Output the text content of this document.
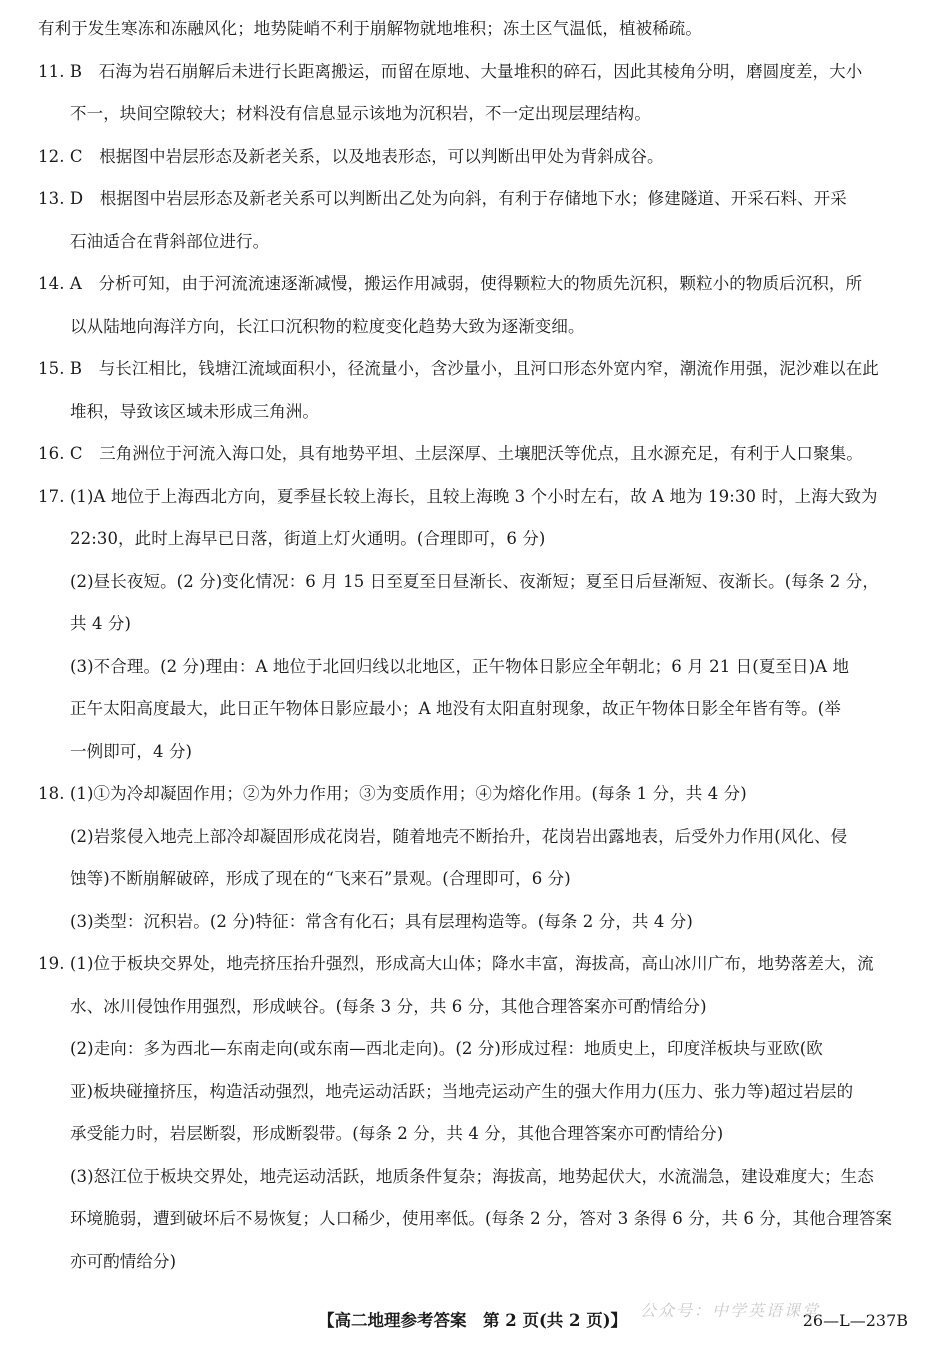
有利于发生寒冻和冻融风化；地势陡峭不利于崩解物就地堆积；冻土区气温低，植被稀疏。
11. B　石海为岩石崩解后未进行长距离搬运，而留在原地、大量堆积的碎石，因此其棱角分明，磨圆度差，大小
不一，块间空隙较大；材料没有信息显示该地为沉积岩，不一定出现层理结构。
12. C　根据图中岩层形态及新老关系，以及地表形态，可以判断出甲处为背斜成谷。
13. D　根据图中岩层形态及新老关系可以判断出乙处为向斜，有利于存储地下水；修建隧道、开采石料、开采
石油适合在背斜部位进行。
14. A　分析可知，由于河流流速逐渐减慢，搬运作用减弱，使得颗粒大的物质先沉积，颗粒小的物质后沉积，所
以从陆地向海洋方向，长江口沉积物的粒度变化趋势大致为逐渐变细。
15. B　与长江相比，钱塘江流域面积小，径流量小，含沙量小，且河口形态外宽内窄，潮流作用强，泥沙难以在此
堆积，导致该区域未形成三角洲。
16. C　三角洲位于河流入海口处，具有地势平坦、土层深厚、土壤肥沃等优点，且水源充足，有利于人口聚集。
17. (1)A 地位于上海西北方向，夏季昼长较上海长，且较上海晚 3 个小时左右，故 A 地为 19:30 时，上海大致为
22:30，此时上海早已日落，街道上灯火通明。(合理即可，6 分)
(2)昼长夜短。(2 分)变化情况：6 月 15 日至夏至日昼渐长、夜渐短；夏至日后昼渐短、夜渐长。(每条 2 分，
共 4 分)
(3)不合理。(2 分)理由：A 地位于北回归线以北地区，正午物体日影应全年朝北；6 月 21 日(夏至日)A 地
正午太阳高度最大，此日正午物体日影应最小；A 地没有太阳直射现象，故正午物体日影全年皆有等。(举
一例即可，4 分)
18. (1)①为冷却凝固作用；②为外力作用；③为变质作用；④为熔化作用。(每条 1 分，共 4 分)
(2)岩浆侵入地壳上部冷却凝固形成花岗岩，随着地壳不断抬升，花岗岩出露地表，后受外力作用(风化、侵
蚀等)不断崩解破碎，形成了现在的“飞来石”景观。(合理即可，6 分)
(3)类型：沉积岩。(2 分)特征：常含有化石；具有层理构造等。(每条 2 分，共 4 分)
19. (1)位于板块交界处，地壳挤压抬升强烈，形成高大山体；降水丰富，海拔高，高山冰川广布，地势落差大，流
水、冰川侵蚀作用强烈，形成峡谷。(每条 3 分，共 6 分，其他合理答案亦可酌情给分)
(2)走向：多为西北—东南走向(或东南—西北走向)。(2 分)形成过程：地质史上，印度洋板块与亚欧(欧
亚)板块碰撞挤压，构造活动强烈，地壳运动活跃；当地壳运动产生的强大作用力(压力、张力等)超过岩层的
承受能力时，岩层断裂，形成断裂带。(每条 2 分，共 4 分，其他合理答案亦可酌情给分)
(3)怒江位于板块交界处，地壳运动活跃，地质条件复杂；海拔高，地势起伏大，水流湍急，建设难度大；生态
环境脆弱，遭到破坏后不易恢复；人口稀少，使用率低。(每条 2 分，答对 3 条得 6 分，共 6 分，其他合理答案
亦可酌情给分)
公众号：中学英语课堂
【高二地理参考答案　第 2 页(共 2 页)】	26—L—237B
